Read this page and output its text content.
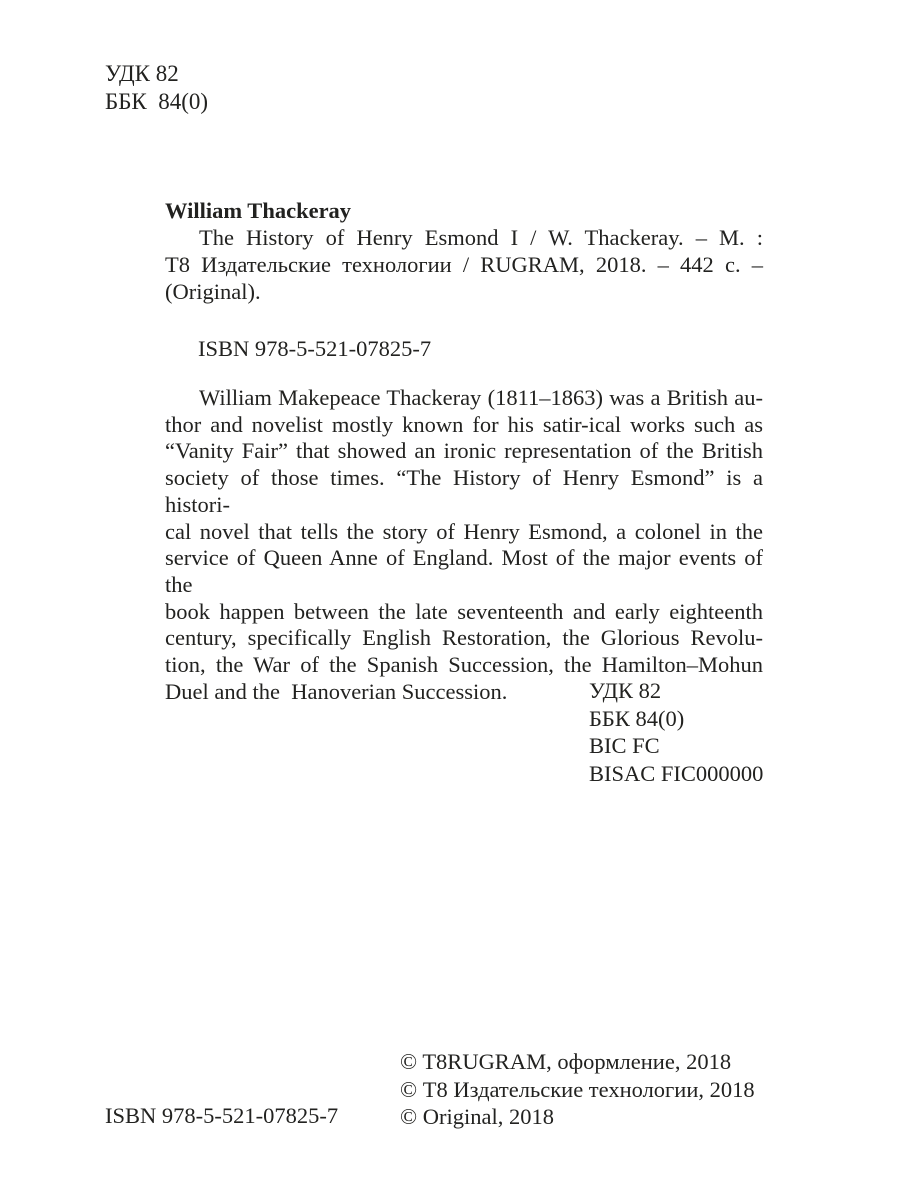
УДК 82
ББК  84(0)
William Thackeray
The History of Henry Esmond I / W. Thackeray. – М. :
Т8 Издательские технологии / RUGRAM, 2018. – 442 с. –
(Original).
ISBN 978-5-521-07825-7
William Makepeace Thackeray (1811–1863) was a British au-
thor and novelist mostly known for his satir-ical works such as
“Vanity Fair” that showed an ironic representation of the British
society of those times. “The History of Henry Esmond” is a histori-
cal novel that tells the story of Henry Esmond, a colonel in the
service of Queen Anne of England. Most of the major events of the
book happen between the late seventeenth and early eighteenth
century, specifically English Restoration, the Glorious Revolu-
tion, the War of the Spanish Succession, the Hamilton–Mohun
Duel and the  Hanoverian Succession.	УДК 82
ББК 84(0)
BIC FC
BISAC FIC000000
© T8RUGRAM, оформление, 2018
© Т8 Издательские технологии, 2018
© Original, 2018
ISBN 978-5-521-07825-7
